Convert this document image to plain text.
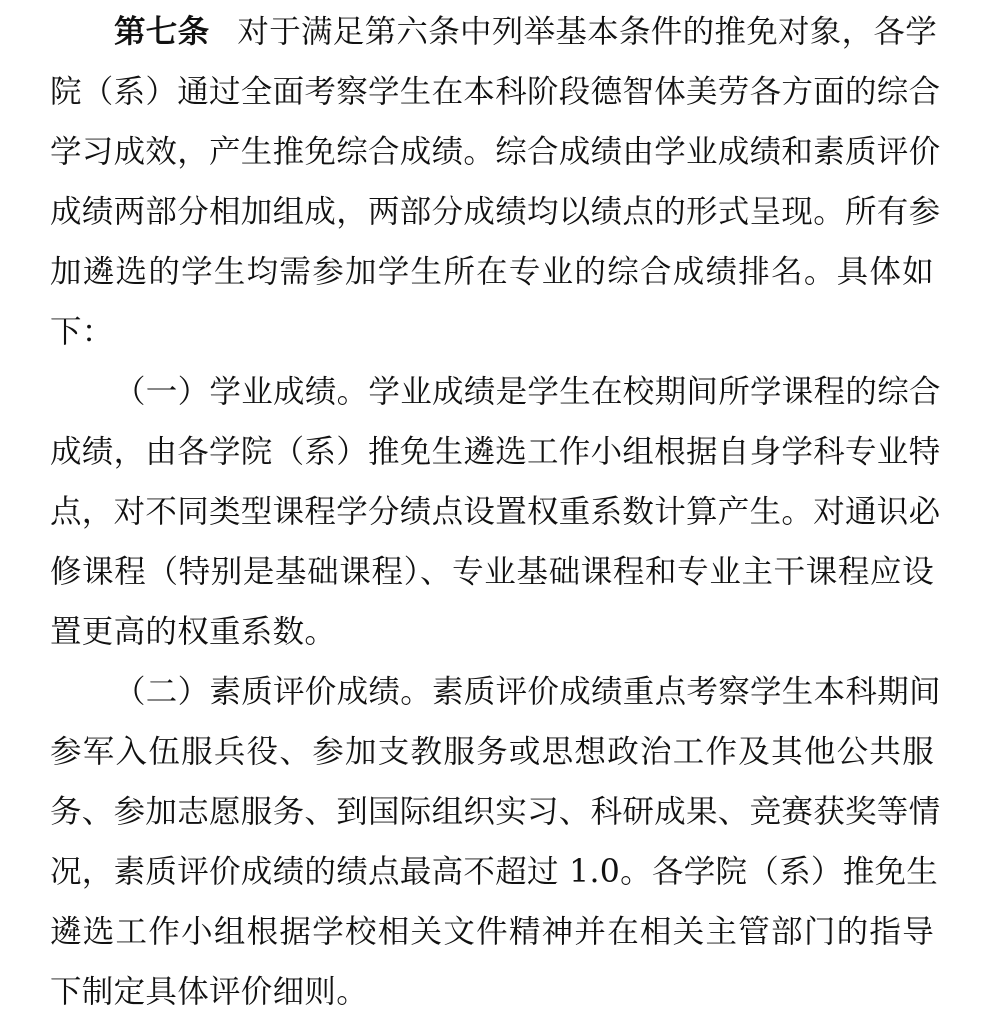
第七条 对于满足第六条中列举基本条件的推免对象，各学
院（系）通过全面考察学生在本科阶段德智体美劳各方面的综合
学习成效，产生推免综合成绩。综合成绩由学业成绩和素质评价
成绩两部分相加组成，两部分成绩均以绩点的形式呈现。所有参
加遴选的学生均需参加学生所在专业的综合成绩排名。具体如
下：
（一）学业成绩。学业成绩是学生在校期间所学课程的综合
成绩，由各学院（系）推免生遴选工作小组根据自身学科专业特
点，对不同类型课程学分绩点设置权重系数计算产生。对通识必
修课程（特别是基础课程）、专业基础课程和专业主干课程应设
置更高的权重系数。
（二）素质评价成绩。素质评价成绩重点考察学生本科期间
参军入伍服兵役、参加支教服务或思想政治工作及其他公共服
务、参加志愿服务、到国际组织实习、科研成果、竞赛获奖等情
况，素质评价成绩的绩点最高不超过 1.0。各学院（系）推免生
遴选工作小组根据学校相关文件精神并在相关主管部门的指导
下制定具体评价细则。
